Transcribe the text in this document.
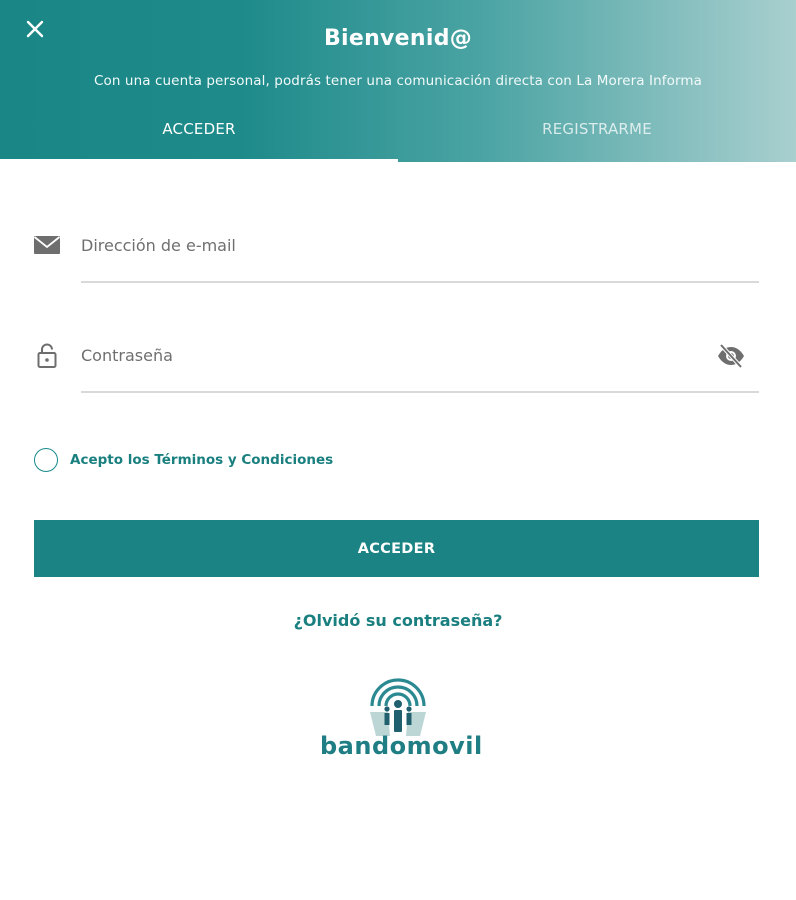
Bienvenid@
Con una cuenta personal, podrás tener una comunicación directa con La Morera Informa
ACCEDER	REGISTRARME
Dirección de e-mail
Acepto los Términos y Condiciones
ACCEDER
¿Olvidó su contraseña?
bandomovil
